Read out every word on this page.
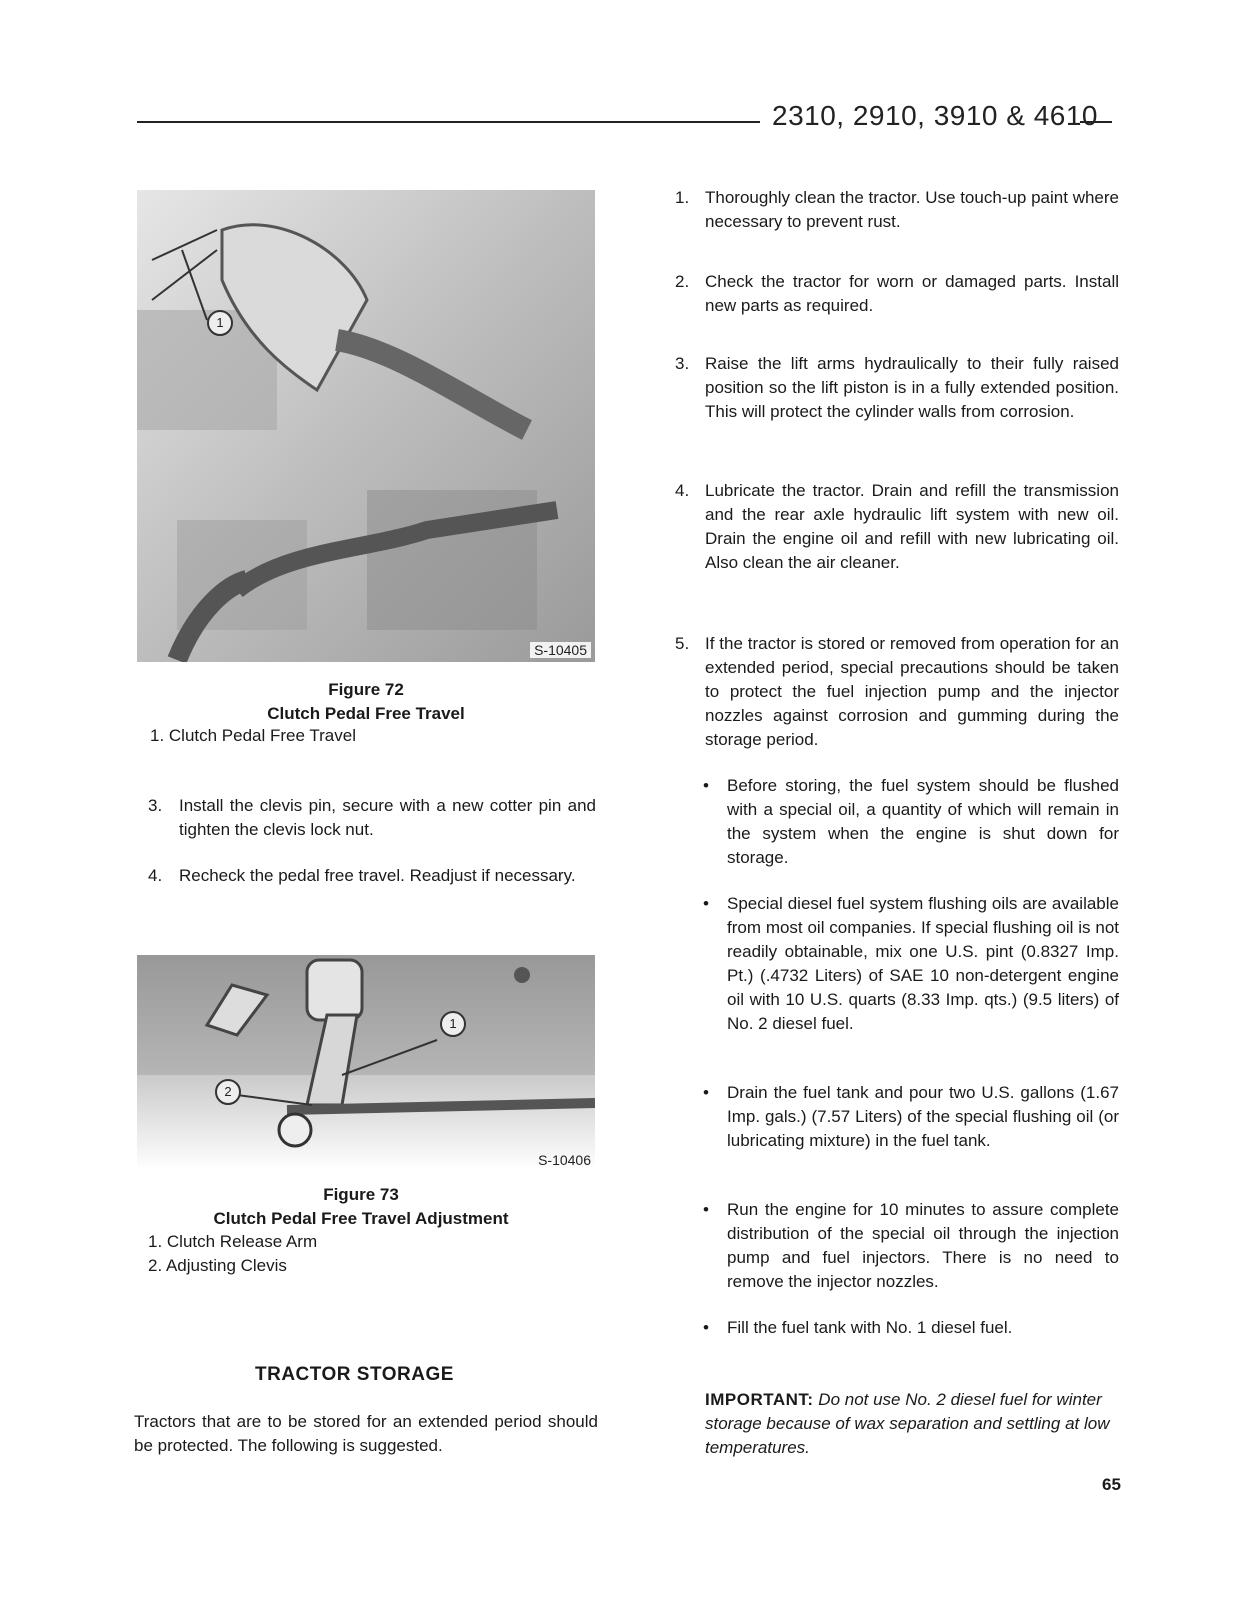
2310, 2910, 3910 & 4610
1
S-10405
Figure 72
Clutch Pedal Free Travel
1. Clutch Pedal Free Travel
3. Install the clevis pin, secure with a new cotter pin and tighten the clevis lock nut.
4. Recheck the pedal free travel. Readjust if necessary.
1
2
S-10406
Figure 73
Clutch Pedal Free Travel Adjustment
1. Clutch Release Arm
2. Adjusting Clevis
TRACTOR STORAGE
Tractors that are to be stored for an extended period should be protected. The following is suggested.
1. Thoroughly clean the tractor. Use touch-up paint where necessary to prevent rust.
2. Check the tractor for worn or damaged parts. Install new parts as required.
3. Raise the lift arms hydraulically to their fully raised position so the lift piston is in a fully extended position. This will protect the cylinder walls from corrosion.
4. Lubricate the tractor. Drain and refill the transmission and the rear axle hydraulic lift system with new oil. Drain the engine oil and refill with new lubricating oil. Also clean the air cleaner.
5. If the tractor is stored or removed from operation for an extended period, special precautions should be taken to protect the fuel injection pump and the injector nozzles against corrosion and gumming during the storage period.
• Before storing, the fuel system should be flushed with a special oil, a quantity of which will remain in the system when the engine is shut down for storage.
• Special diesel fuel system flushing oils are available from most oil companies. If special flushing oil is not readily obtainable, mix one U.S. pint (0.8327 Imp. Pt.) (.4732 Liters) of SAE 10 non-detergent engine oil with 10 U.S. quarts (8.33 Imp. qts.) (9.5 liters) of No. 2 diesel fuel.
• Drain the fuel tank and pour two U.S. gallons (1.67 Imp. gals.) (7.57 Liters) of the special flushing oil (or lubricating mixture) in the fuel tank.
• Run the engine for 10 minutes to assure complete distribution of the special oil through the injection pump and fuel injectors. There is no need to remove the injector nozzles.
• Fill the fuel tank with No. 1 diesel fuel.
IMPORTANT: Do not use No. 2 diesel fuel for winter storage because of wax separation and settling at low temperatures.
65
